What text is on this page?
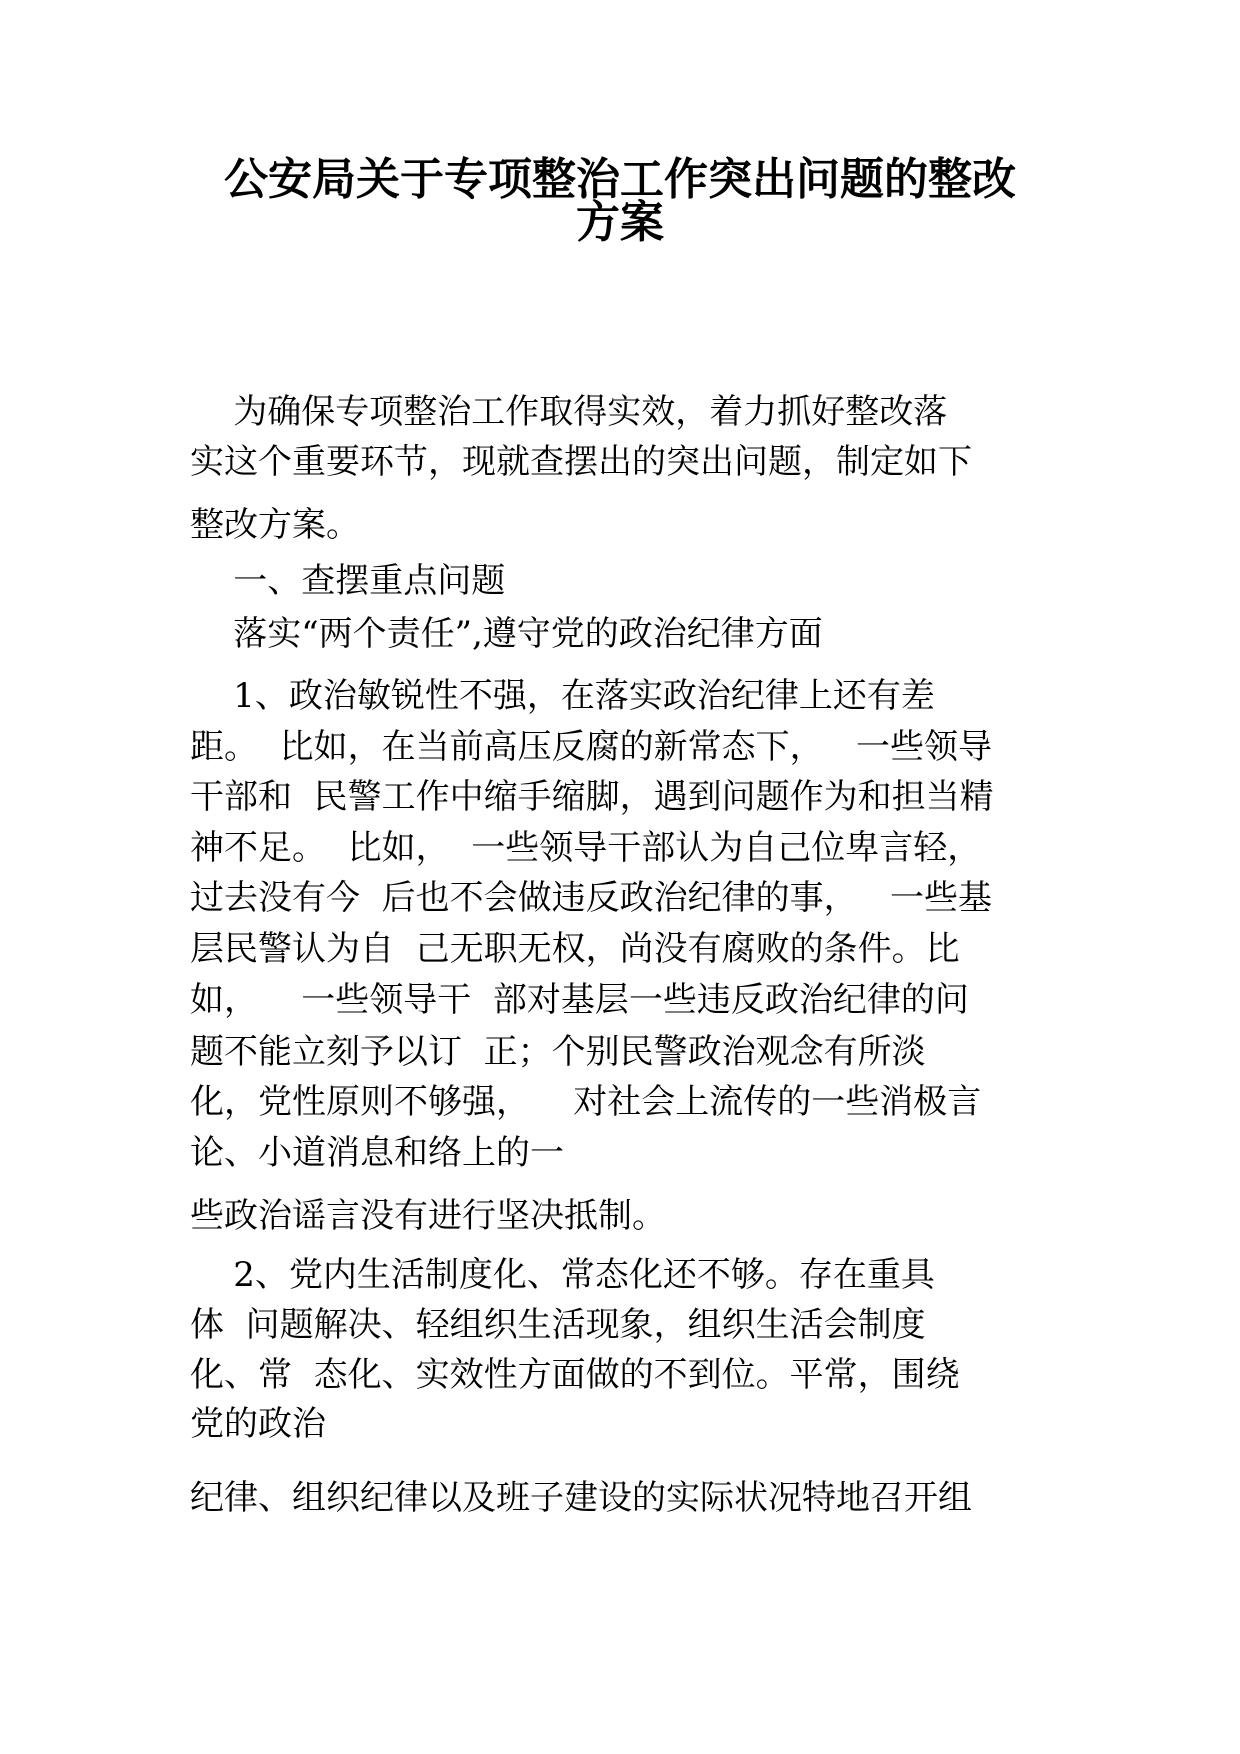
公安局关于专项整治工作突出问题的整改
方案

为确保专项整治工作取得实效，着力抓好整改落

实这个重要环节，现就查摆出的突出问题，制定如下

整改方案。

一、查摆重点问题

落实“两个责任”,遵守党的政治纪律方面

1、政治敏锐性不强，在落实政治纪律上还有差

距。  比如，在当前高压反腐的新常态下，   一些领导

干部和  民警工作中缩手缩脚，遇到问题作为和担当精

神不足。  比如，  一些领导干部认为自己位卑言轻，

过去没有今  后也不会做违反政治纪律的事，   一些基

层民警认为自  己无职无权，尚没有腐败的条件。比

如，    一些领导干  部对基层一些违反政治纪律的问

题不能立刻予以订  正；个别民警政治观念有所淡

化，党性原则不够强，    对社会上流传的一些消极言

论、小道消息和络上的一

些政治谣言没有进行坚决抵制。

2、党内生活制度化、常态化还不够。存在重具

体  问题解决、轻组织生活现象，组织生活会制度

化、常  态化、实效性方面做的不到位。平常，围绕

党的政治

纪律、组织纪律以及班子建设的实际状况特地召开组
